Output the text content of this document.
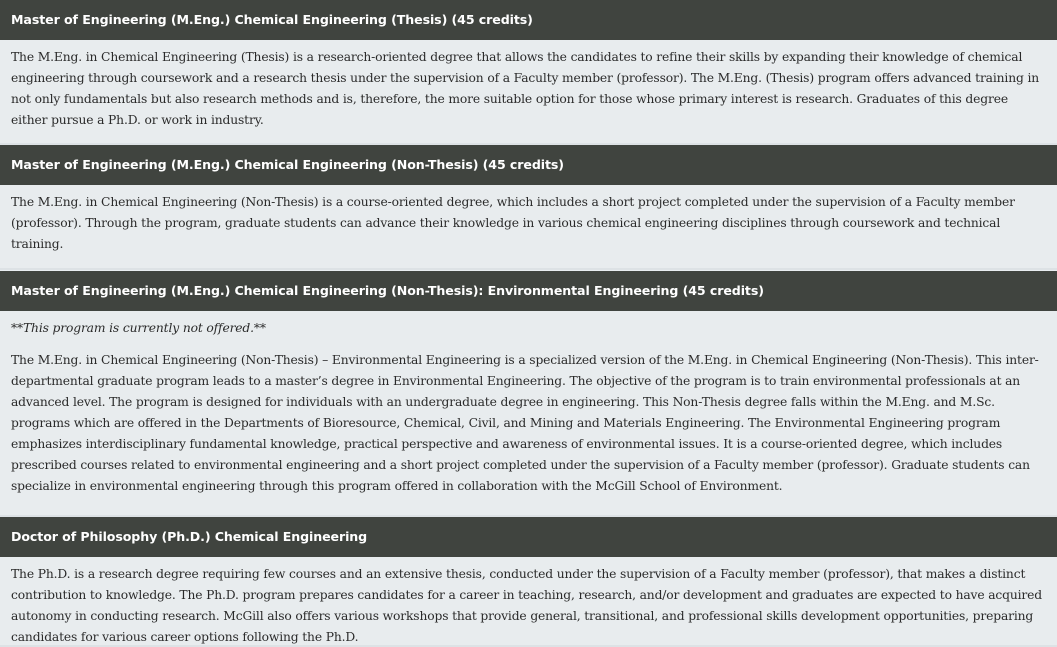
Master of Engineering (M.Eng.) Chemical Engineering (Thesis) (45 credits)

The M.Eng. in Chemical Engineering (Thesis) is a research-oriented degree that allows the candidates to refine their skills by expanding their knowledge of chemical engineering through coursework and a research thesis under the supervision of a Faculty member (professor). The M.Eng. (Thesis) program offers advanced training in not only fundamentals but also research methods and is, therefore, the more suitable option for those whose primary interest is research. Graduates of this degree either pursue a Ph.D. or work in industry.

Master of Engineering (M.Eng.) Chemical Engineering (Non-Thesis) (45 credits)

The M.Eng. in Chemical Engineering (Non-Thesis) is a course-oriented degree, which includes a short project completed under the supervision of a Faculty member (professor). Through the program, graduate students can advance their knowledge in various chemical engineering disciplines through coursework and technical training.

Master of Engineering (M.Eng.) Chemical Engineering (Non-Thesis): Environmental Engineering (45 credits)

**This program is currently not offered.**

The M.Eng. in Chemical Engineering (Non-Thesis) – Environmental Engineering is a specialized version of the M.Eng. in Chemical Engineering (Non-Thesis). This inter-departmental graduate program leads to a master’s degree in Environmental Engineering. The objective of the program is to train environmental professionals at an advanced level. The program is designed for individuals with an undergraduate degree in engineering. This Non-Thesis degree falls within the M.Eng. and M.Sc. programs which are offered in the Departments of Bioresource, Chemical, Civil, and Mining and Materials Engineering. The Environmental Engineering program emphasizes interdisciplinary fundamental knowledge, practical perspective and awareness of environmental issues. It is a course-oriented degree, which includes prescribed courses related to environmental engineering and a short project completed under the supervision of a Faculty member (professor). Graduate students can specialize in environmental engineering through this program offered in collaboration with the McGill School of Environment.

Doctor of Philosophy (Ph.D.) Chemical Engineering

The Ph.D. is a research degree requiring few courses and an extensive thesis, conducted under the supervision of a Faculty member (professor), that makes a distinct contribution to knowledge. The Ph.D. program prepares candidates for a career in teaching, research, and/or development and graduates are expected to have acquired autonomy in conducting research. McGill also offers various workshops that provide general, transitional, and professional skills development opportunities, preparing candidates for various career options following the Ph.D.
